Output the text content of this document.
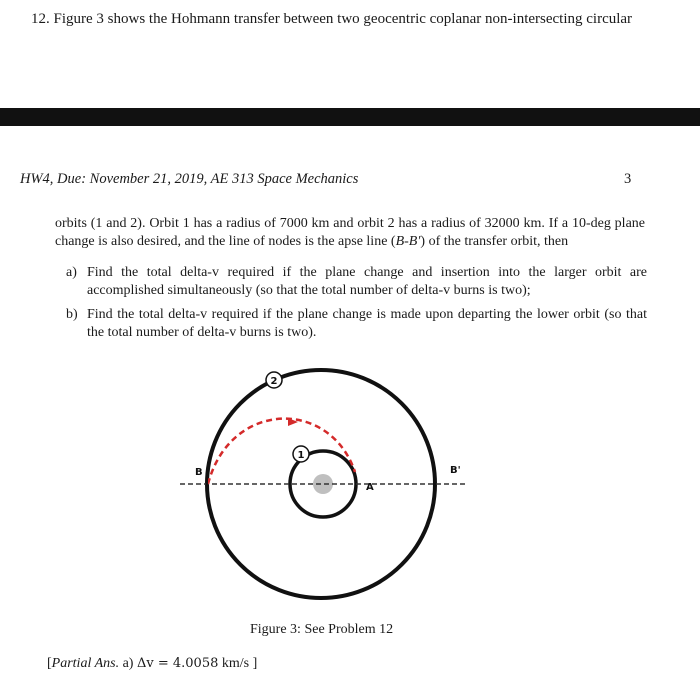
12. Figure 3 shows the Hohmann transfer between two geocentric coplanar non-intersecting circular
HW4, Due: November 21, 2019, AE 313 Space Mechanics	3
orbits (1 and 2). Orbit 1 has a radius of 7000 km and orbit 2 has a radius of 32000 km. If a 10-deg plane change is also desired, and the line of nodes is the apse line (B-B′) of the transfer orbit, then
a) Find the total delta-v required if the plane change and insertion into the larger orbit are accomplished simultaneously (so that the total number of delta-v burns is two);
b) Find the total delta-v required if the plane change is made upon departing the lower orbit (so that the total number of delta-v burns is two).
2
1
B
A
B'
Figure 3: See Problem 12
[Partial Ans. a) Δv = 4.0058 km/s ]
